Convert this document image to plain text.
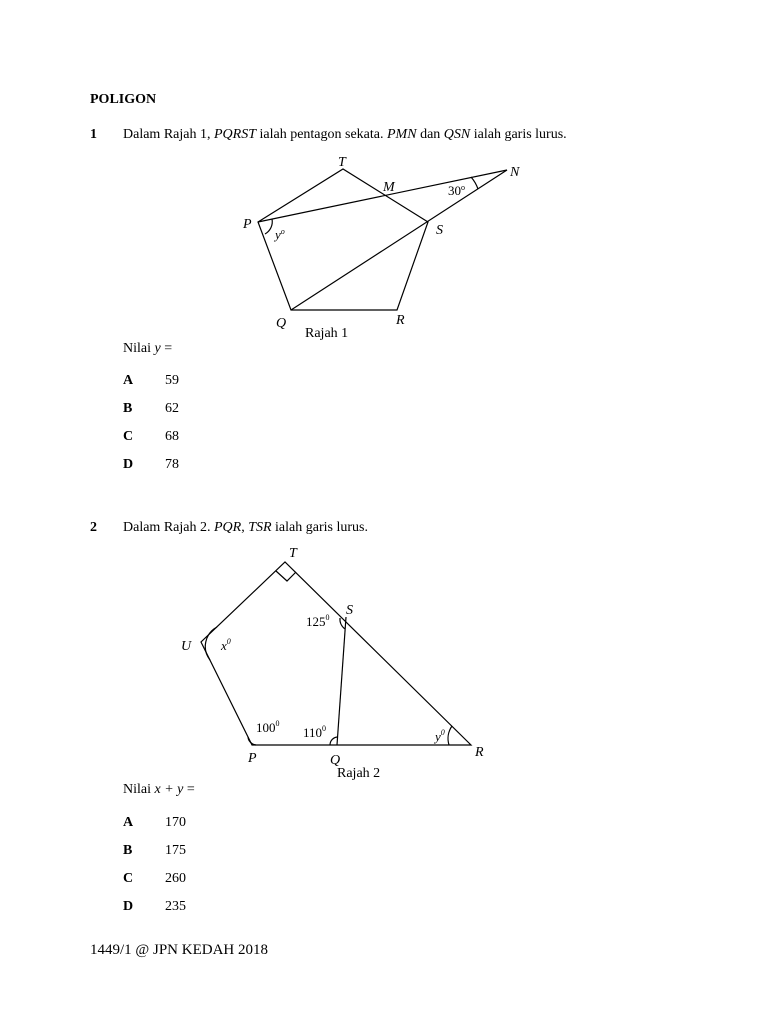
POLIGON
1 Dalam Rajah 1, PQRST ialah pentagon sekata. PMN dan QSN ialah garis lurus.
T
M
N
P	S
Q	R
30$^o$
$y^o$
Rajah 1
Nilai y =
A 59
B 62
C 68
D 78
2 Dalam Rajah 2. PQR, TSR ialah garis lurus.
T
S
U
P	Q
R
$125^0$
$x^0$
$100^0$
$110^0$
$y^0$
Rajah 2
Nilai x + y =
A 170
B 175
C 260
D 235
1449/1 @ JPN KEDAH 2018
